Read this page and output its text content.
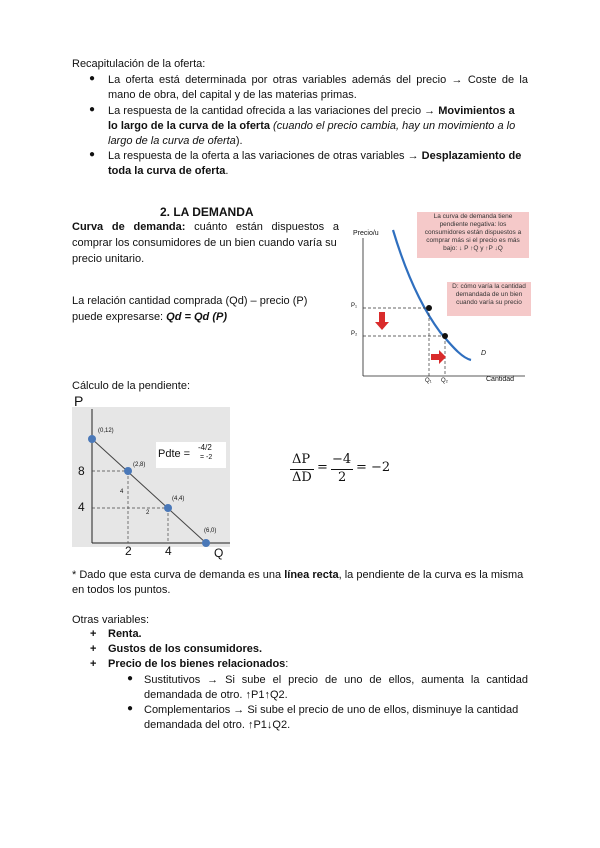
Recapitulación de la oferta:
● La oferta está determinada por otras variables además del precio → Coste de la
mano de obra, del capital y de las materias primas.
● La respuesta de la cantidad ofrecida a las variaciones del precio → Movimientos a
lo largo de la curva de la oferta (cuando el precio cambia, hay un movimiento a lo
largo de la curva de oferta).
● La respuesta de la oferta a las variaciones de otras variables → Desplazamiento de
toda la curva de oferta.
2. LA DEMANDA
Curva de demanda: cuánto están dispuestos a
comprar los consumidores de un bien cuando varía su
precio unitario.
La relación cantidad comprada (Qd) – precio (P)
puede expresarse: Qd = Qd (P)
Precio/u
Cantidad
P₁
P₂
Q₁ Q₂
D
La curva de demanda tiene pendiente negativa: los consumidores están dispuestos a comprar más si el precio es más bajo: ↓ P ↑Q y ↑P ↓Q
D: cómo varía la cantidad demandada de un bien cuando varía su precio
Cálculo de la pendiente:
P
Q
8
4
2	4
(0,12)
(2,8)
(4,4)
(6,0)
4
2
Pdte =
-4/2
= -2	ΔP
ΔD
=
−4
2
= −2
* Dado que esta curva de demanda es una línea recta, la pendiente de la curva es la misma
en todos los puntos.
Otras variables:
+ Renta.
+ Gustos de los consumidores.
+ Precio de los bienes relacionados:
● Sustitutivos → Si sube el precio de uno de ellos, aumenta la cantidad
demandada de otro. ↑P1↑Q2.
● Complementarios → Si sube el precio de uno de ellos, disminuye la cantidad
demandada del otro. ↑P1↓Q2.
